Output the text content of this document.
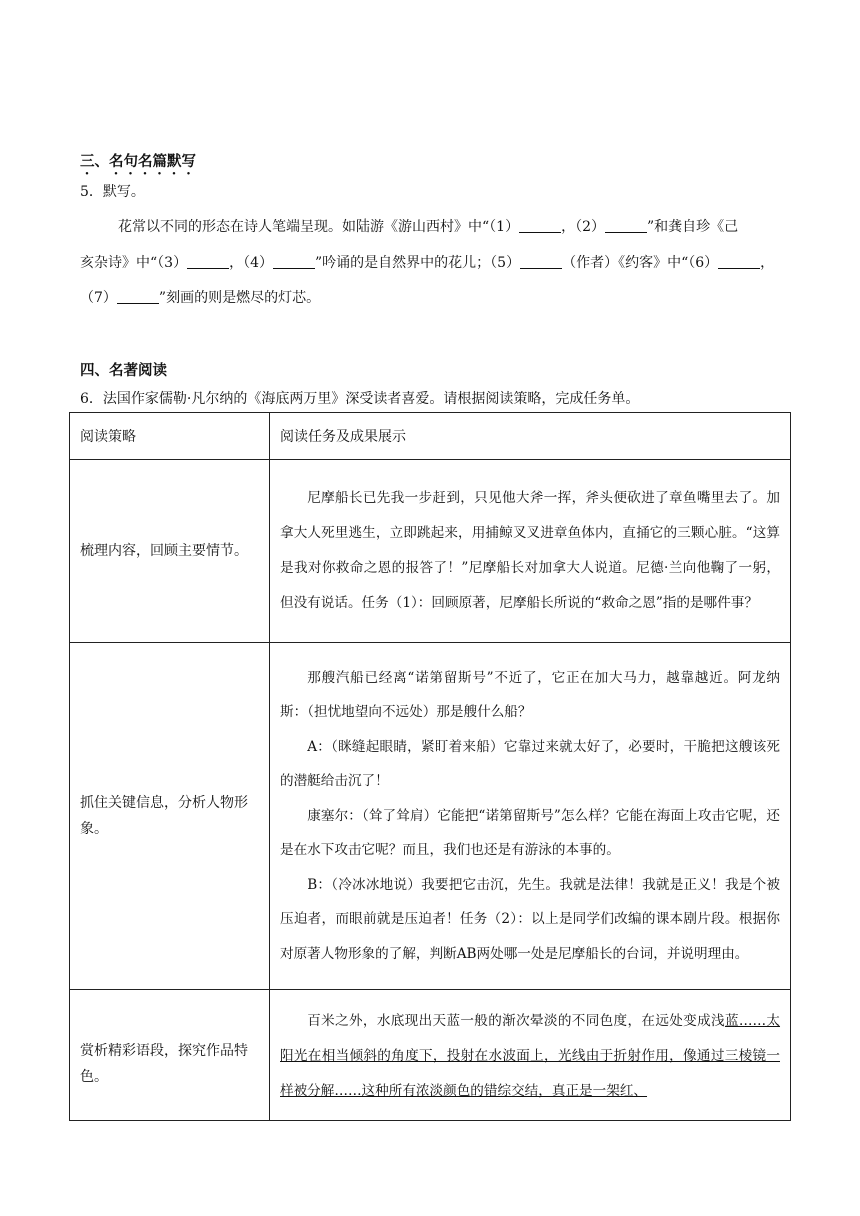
三、名句名篇默写
5．默写。
花常以不同的形态在诗人笔端呈现。如陆游《游山西村》中“（1）	，（2）	”和龚自珍《己
亥杂诗》中“（3）	，（4）	”吟诵的是自然界中的花儿；（5）	（作者）《约客》中“（6）	，
（7）	”刻画的则是燃尽的灯芯。
四、名著阅读
6．法国作家儒勒·凡尔纳的《海底两万里》深受读者喜爱。请根据阅读策略，完成任务单。
阅读策略	阅读任务及成果展示
梳理内容，回顾主要情节。	尼摩船长已先我一步赶到，只见他大斧一挥，斧头便砍进了章鱼嘴里去了。加拿大人死里逃生，立即跳起来，用捕鲸叉叉进章鱼体内，直捅它的三颗心脏。“这算是我对你救命之恩的报答了！”尼摩船长对加拿大人说道。尼德·兰向他鞠了一躬，但没有说话。任务（1）：回顾原著，尼摩船长所说的“救命之恩”指的是哪件事？

抓住关键信息，分析人物形象。	那艘汽船已经离“诺第留斯号”不近了，它正在加大马力，越靠越近。阿龙纳斯：（担忧地望向不远处）那是艘什么船？

A：（眯缝起眼睛，紧盯着来船）它靠过来就太好了，必要时，干脆把这艘该死的潜艇给击沉了！

康塞尔：（耸了耸肩）它能把“诺第留斯号”怎么样？它能在海面上攻击它呢，还是在水下攻击它呢？而且，我们也还是有游泳的本事的。

B：（冷冰冰地说）我要把它击沉，先生。我就是法律！我就是正义！我是个被压迫者，而眼前就是压迫者！任务（2）：以上是同学们改编的课本剧片段。根据你对原著人物形象的了解，判断AB两处哪一处是尼摩船长的台词，并说明理由。

赏析精彩语段，探究作品特色。	百米之外，水底现出天蓝一般的渐次晕淡的不同色度，在远处变成浅蓝……太阳光在相当倾斜的角度下，投射在水波面上，光线由于折射作用，像通过三棱镜一样被分解……这种所有浓淡颜色的错综交结，真正是一架红、
